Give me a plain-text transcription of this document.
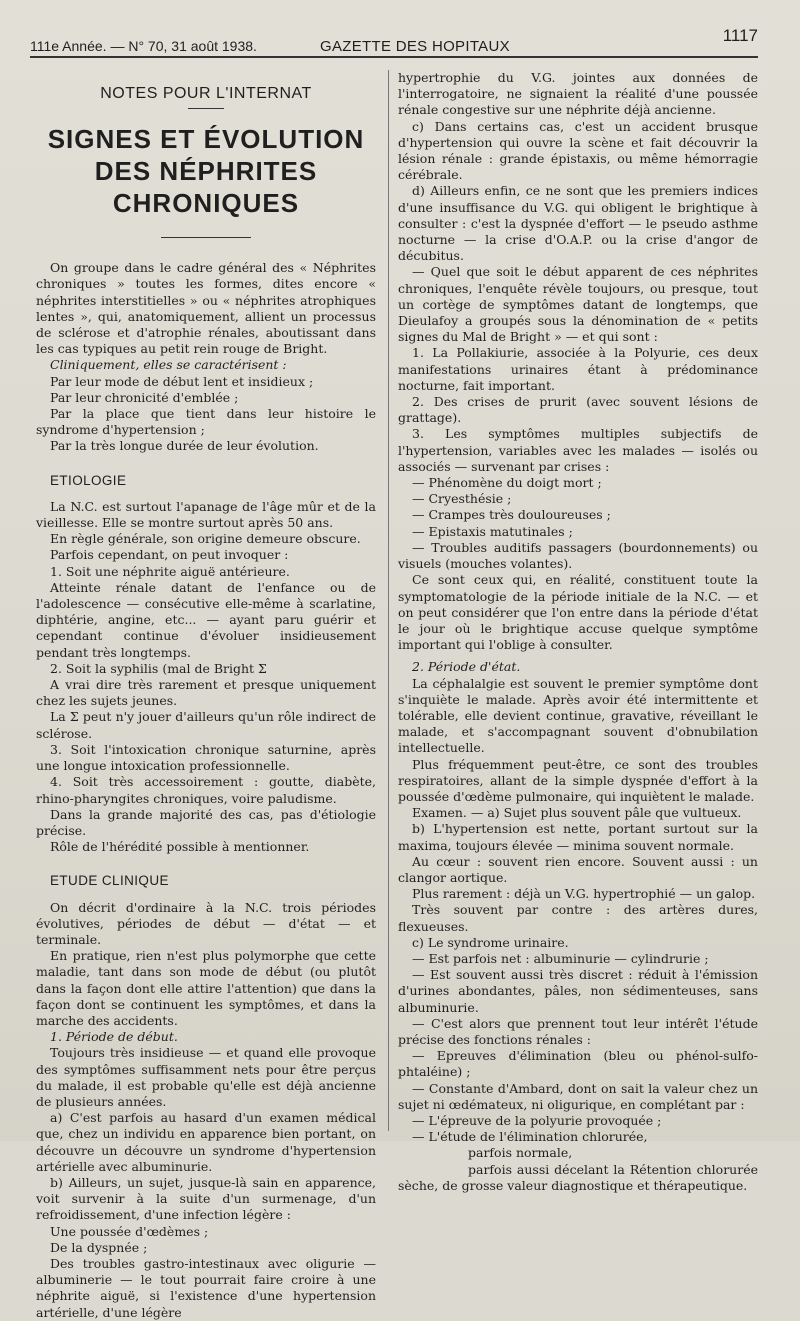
111e Année. — N° 70, 31 août 1938.	GAZETTE DES HOPITAUX
1117
NOTES POUR L'INTERNAT
SIGNES ET ÉVOLUTION
DES NÉPHRITES CHRONIQUES

On groupe dans le cadre général des « Néphrites chroniques » toutes les formes, dites encore « néphrites interstitielles » ou « néphrites atrophiques lentes », qui, anatomiquement, allient un processus de sclérose et d'atrophie rénales, aboutissant dans les cas typiques au petit rein rouge de Bright.

Cliniquement, elles se caractérisent :

Par leur mode de début lent et insidieux ;

Par leur chronicité d'emblée ;

Par la place que tient dans leur histoire le syndrome d'hypertension ;

Par la très longue durée de leur évolution.

ETIOLOGIE

La N.C. est surtout l'apanage de l'âge mûr et de la vieillesse. Elle se montre surtout après 50 ans.

En règle générale, son origine demeure obscure.

Parfois cependant, on peut invoquer :

1. Soit une néphrite aiguë antérieure.

Atteinte rénale datant de l'enfance ou de l'adolescence — consécutive elle-même à scarlatine, diphtérie, angine, etc... — ayant paru guérir et cependant continue d'évoluer insidieusement pendant très longtemps.

2. Soit la syphilis (mal de Bright Σ

A vrai dire très rarement et presque uniquement chez les sujets jeunes.

La Σ peut n'y jouer d'ailleurs qu'un rôle indirect de sclérose.

3. Soit l'intoxication chronique saturnine, après une longue intoxication professionnelle.

4. Soit très accessoirement : goutte, diabète, rhino-pharyngites chroniques, voire paludisme.

Dans la grande majorité des cas, pas d'étiologie précise.

Rôle de l'hérédité possible à mentionner.

ETUDE CLINIQUE

On décrit d'ordinaire à la N.C. trois périodes évolutives, périodes de début — d'état — et terminale.

En pratique, rien n'est plus polymorphe que cette maladie, tant dans son mode de début (ou plutôt dans la façon dont elle attire l'attention) que dans la façon dont se continuent les symptômes, et dans la marche des accidents.

1. Période de début.

Toujours très insidieuse — et quand elle provoque des symptômes suffisamment nets pour être perçus du malade, il est probable qu'elle est déjà ancienne de plusieurs années.

a) C'est parfois au hasard d'un examen médical que, chez un individu en apparence bien portant, on découvre un découvre un syndrome d'hypertension artérielle avec albuminurie.

b) Ailleurs, un sujet, jusque-là sain en apparence, voit survenir à la suite d'un surmenage, d'un refroidissement, d'une infection légère :

Une poussée d'œdèmes ;

De la dyspnée ;

Des troubles gastro-intestinaux avec oligurie — albuminerie — le tout pourrait faire croire à une néphrite aiguë, si l'existence d'une hypertension artérielle, d'une légère

hypertrophie du V.G. jointes aux données de l'interrogatoire, ne signaient la réalité d'une poussée rénale congestive sur une néphrite déjà ancienne.

c) Dans certains cas, c'est un accident brusque d'hypertension qui ouvre la scène et fait découvrir la lésion rénale : grande épistaxis, ou même hémorragie cérébrale.

d) Ailleurs enfin, ce ne sont que les premiers indices d'une insuffisance du V.G. qui obligent le brightique à consulter : c'est la dyspnée d'effort — le pseudo asthme nocturne — la crise d'O.A.P. ou la crise d'angor de décubitus.

— Quel que soit le début apparent de ces néphrites chroniques, l'enquête révèle toujours, ou presque, tout un cortège de symptômes datant de longtemps, que Dieulafoy a groupés sous la dénomination de « petits signes du Mal de Bright » — et qui sont :

1. La Pollakiurie, associée à la Polyurie, ces deux manifestations urinaires étant à prédominance nocturne, fait important.

2. Des crises de prurit (avec souvent lésions de grattage).

3. Les symptômes multiples subjectifs de l'hypertension, variables avec les malades — isolés ou associés — survenant par crises :

— Phénomène du doigt mort ;

— Cryesthésie ;

— Crampes très douloureuses ;

— Epistaxis matutinales ;

— Troubles auditifs passagers (bourdonnements) ou visuels (mouches volantes).

Ce sont ceux qui, en réalité, constituent toute la symptomatologie de la période initiale de la N.C. — et on peut considérer que l'on entre dans la période d'état le jour où le brightique accuse quelque symptôme important qui l'oblige à consulter.

2. Période d'état.

La céphalalgie est souvent le premier symptôme dont s'inquiète le malade. Après avoir été intermittente et tolérable, elle devient continue, gravative, réveillant le malade, et s'accompagnant souvent d'obnubilation intellectuelle.

Plus fréquemment peut-être, ce sont des troubles respiratoires, allant de la simple dyspnée d'effort à la poussée d'œdème pulmonaire, qui inquiètent le malade.

Examen. — a) Sujet plus souvent pâle que vultueux.

b) L'hypertension est nette, portant surtout sur la maxima, toujours élevée — minima souvent normale.

Au cœur : souvent rien encore. Souvent aussi : un clangor aortique.

Plus rarement : déjà un V.G. hypertrophié — un galop.

Très souvent par contre : des artères dures, flexueuses.

c) Le syndrome urinaire.

— Est parfois net : albuminurie — cylindrurie ;

— Est souvent aussi très discret : réduit à l'émission d'urines abondantes, pâles, non sédimenteuses, sans albuminurie.

— C'est alors que prennent tout leur intérêt l'étude précise des fonctions rénales :

— Epreuves d'élimination (bleu ou phénol-sulfo-phtaléine) ;

— Constante d'Ambard, dont on sait la valeur chez un sujet ni œdémateux, ni oligurique, en complétant par :

— L'épreuve de la polyurie provoquée ;

— L'étude de l'élimination chlorurée,

parfois normale,

parfois aussi décelant la Rétention chlorurée sèche, de grosse valeur diagnostique et thérapeutique.
